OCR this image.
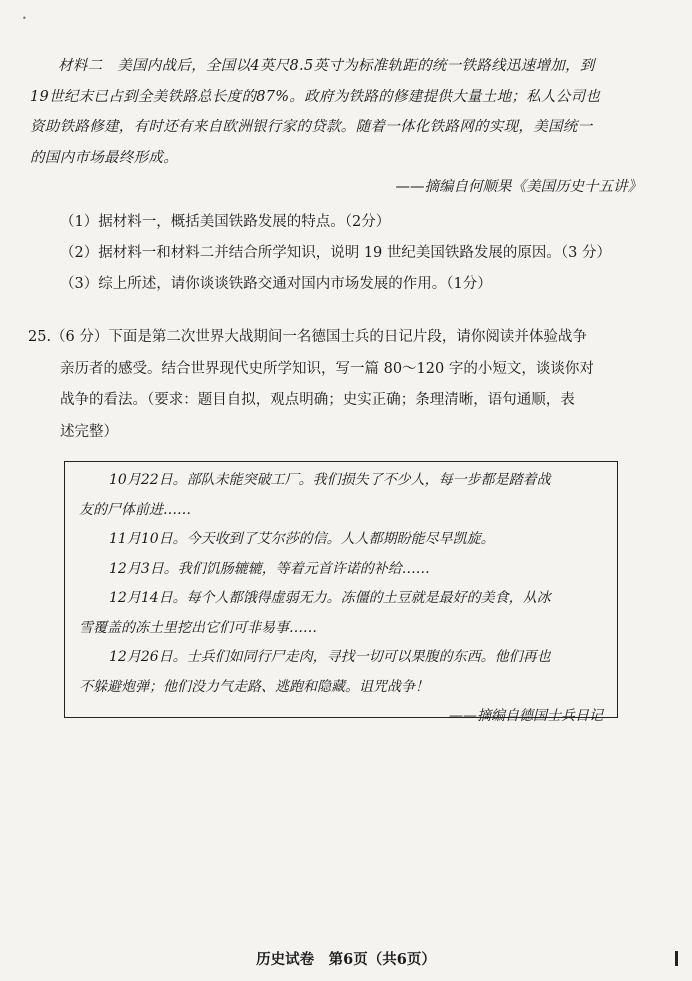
•

材料二　美国内战后，全国以4英尺8.5英寸为标准轨距的统一铁路线迅速增加，到

19世纪末已占到全美铁路总长度的87%。政府为铁路的修建提供大量土地；私人公司也
资助铁路修建，有时还有来自欧洲银行家的贷款。随着一体化铁路网的实现，美国统一
的国内市场最终形成。
——摘编自何顺果《美国历史十五讲》
（1）据材料一，概括美国铁路发展的特点。（2分）
（2）据材料一和材料二并结合所学知识，说明 19 世纪美国铁路发展的原因。（3 分）
（3）综上所述，请你谈谈铁路交通对国内市场发展的作用。（1分）
25.（6 分）下面是第二次世界大战期间一名德国士兵的日记片段，请你阅读并体验战争
亲历者的感受。结合世界现代史所学知识，写一篇 80～120 字的小短文，谈谈你对
战争的看法。（要求：题目自拟，观点明确；史实正确；条理清晰，语句通顺，表
述完整）

10月22日。部队未能突破工厂。我们损失了不少人，每一步都是踏着战

友的尸体前进……

11月10日。今天收到了艾尔莎的信。人人都期盼能尽早凯旋。

12月3日。我们饥肠辘辘，等着元首许诺的补给……

12月14日。每个人都饿得虚弱无力。冻僵的土豆就是最好的美食，从冰

雪覆盖的冻土里挖出它们可非易事……

12月26日。士兵们如同行尸走肉，寻找一切可以果腹的东西。他们再也

不躲避炮弹；他们没力气走路、逃跑和隐藏。诅咒战争！
——摘编自德国士兵日记
历史试卷　第6页（共6页）
